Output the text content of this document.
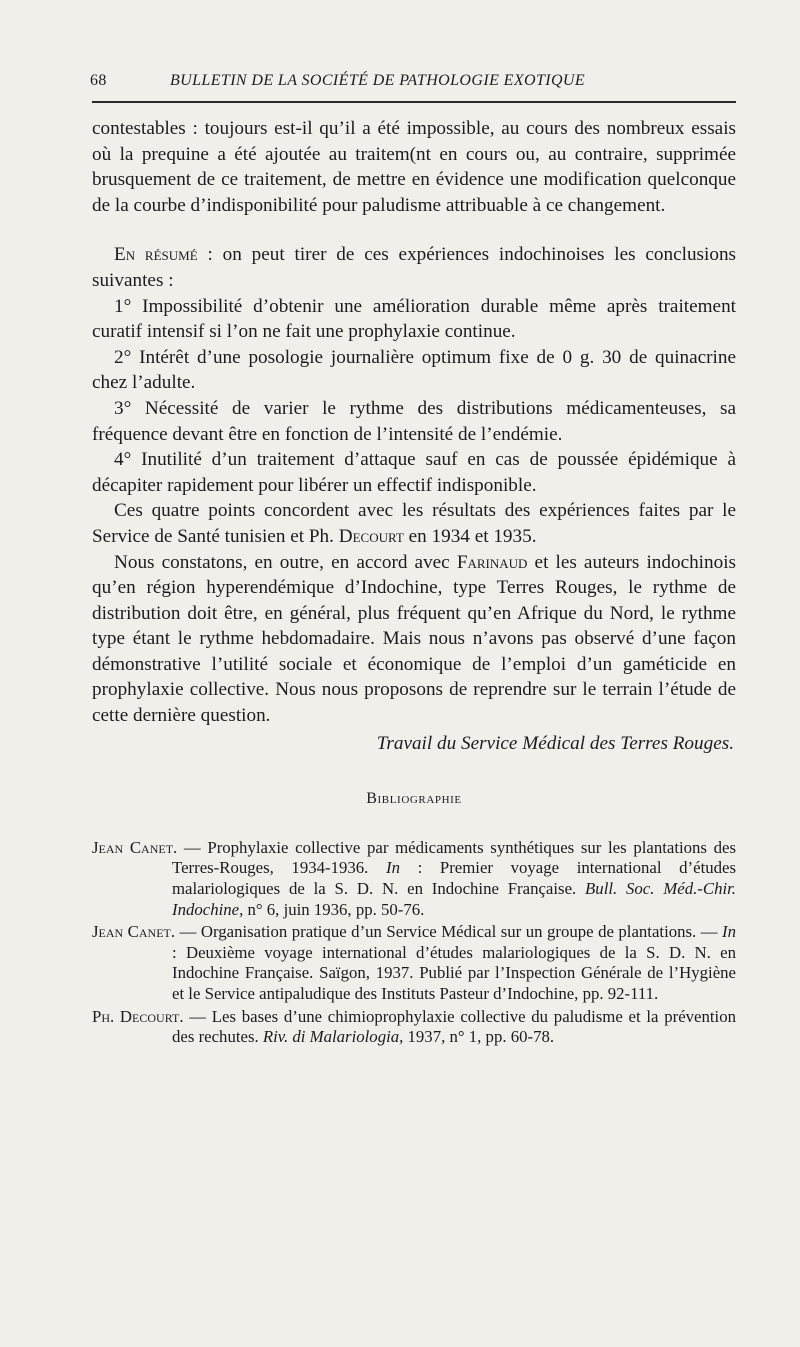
68	BULLETIN DE LA SOCIÉTÉ DE PATHOLOGIE EXOTIQUE

contestables : toujours est-il qu’il a été impossible, au cours des nombreux essais où la prequine a été ajoutée au traitem(nt en cours ou, au contraire, supprimée brusquement de ce traitement, de mettre en évidence une modification quelconque de la courbe d’indisponibilité pour paludisme attribuable à ce changement.

En résumé : on peut tirer de ces expériences indochinoises les conclusions suivantes :

1° Impossibilité d’obtenir une amélioration durable même après traitement curatif intensif si l’on ne fait une prophylaxie continue.

2° Intérêt d’une posologie journalière optimum fixe de 0 g. 30 de quinacrine chez l’adulte.

3° Nécessité de varier le rythme des distributions médicamenteuses, sa fréquence devant être en fonction de l’intensité de l’endémie.

4° Inutilité d’un traitement d’attaque sauf en cas de poussée épidémique à décapiter rapidement pour libérer un effectif indisponible.

Ces quatre points concordent avec les résultats des expériences faites par le Service de Santé tunisien et Ph. Decourt en 1934 et 1935.

Nous constatons, en outre, en accord avec Farinaud et les auteurs indochinois qu’en région hyperendémique d’Indochine, type Terres Rouges, le rythme de distribution doit être, en général, plus fréquent qu’en Afrique du Nord, le rythme type étant le rythme hebdomadaire. Mais nous n’avons pas observé d’une façon démonstrative l’utilité sociale et économique de l’emploi d’un gaméticide en prophylaxie collective. Nous nous proposons de reprendre sur le terrain l’étude de cette dernière question.

Travail du Service Médical des Terres Rouges.

Bibliographie

Jean Canet. — Prophylaxie collective par médicaments synthétiques sur les plantations des Terres-Rouges, 1934-1936. In : Premier voyage international d’études malariologiques de la S. D. N. en Indochine Française. Bull. Soc. Méd.-Chir. Indochine, n° 6, juin 1936, pp. 50-76.

Jean Canet. — Organisation pratique d’un Service Médical sur un groupe de plantations. — In : Deuxième voyage international d’études malariologiques de la S. D. N. en Indochine Française. Saïgon, 1937. Publié par l’Inspection Générale de l’Hygiène et le Service antipaludique des Instituts Pasteur d’Indochine, pp. 92-111.

Ph. Decourt. — Les bases d’une chimioprophylaxie collective du paludisme et la prévention des rechutes. Riv. di Malariologia, 1937, n° 1, pp. 60-78.
